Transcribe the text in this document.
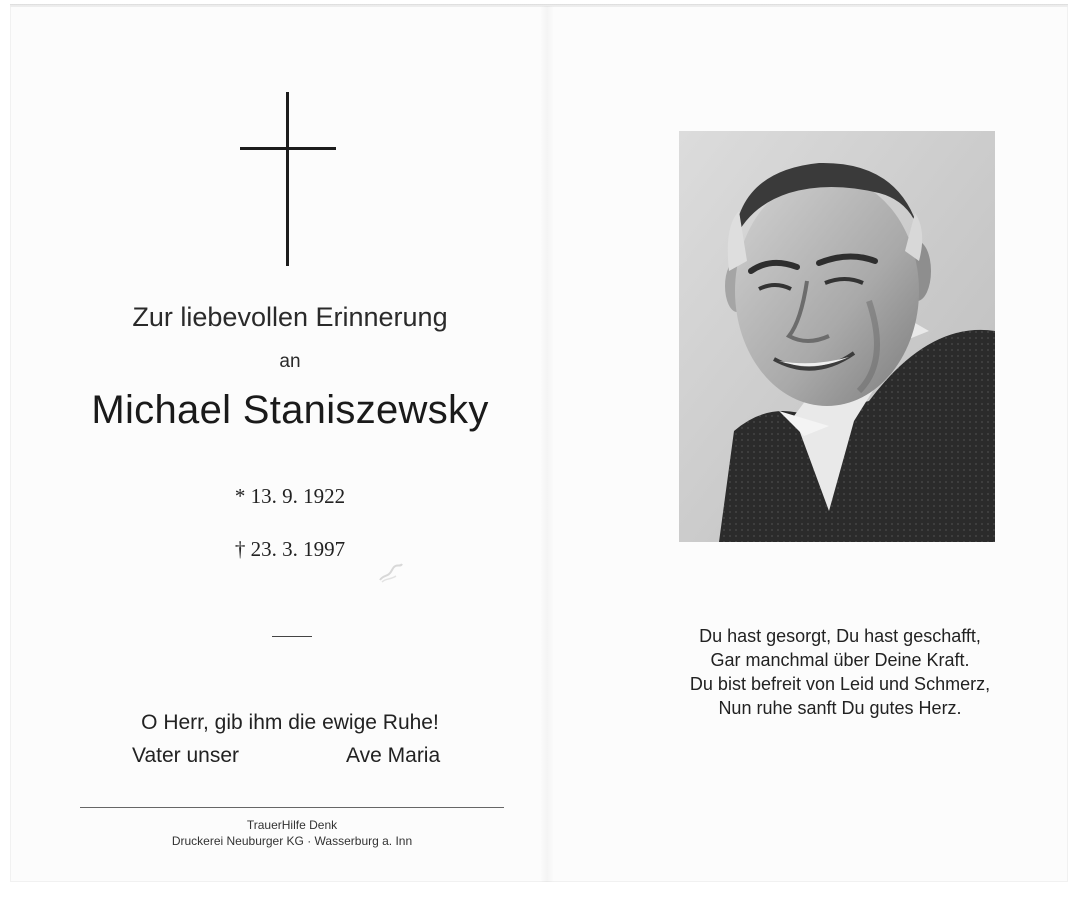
Zur liebevollen Erinnerung
an
Michael Staniszewsky
* 13. 9. 1922
† 23. 3. 1997
O Herr, gib ihm die ewige Ruhe!
Vater unser	Ave Maria
TrauerHilfe Denk
Druckerei Neuburger KG · Wasserburg a. Inn
Du hast gesorgt, Du hast geschafft,
Gar manchmal über Deine Kraft.
Du bist befreit von Leid und Schmerz,
Nun ruhe sanft Du gutes Herz.
